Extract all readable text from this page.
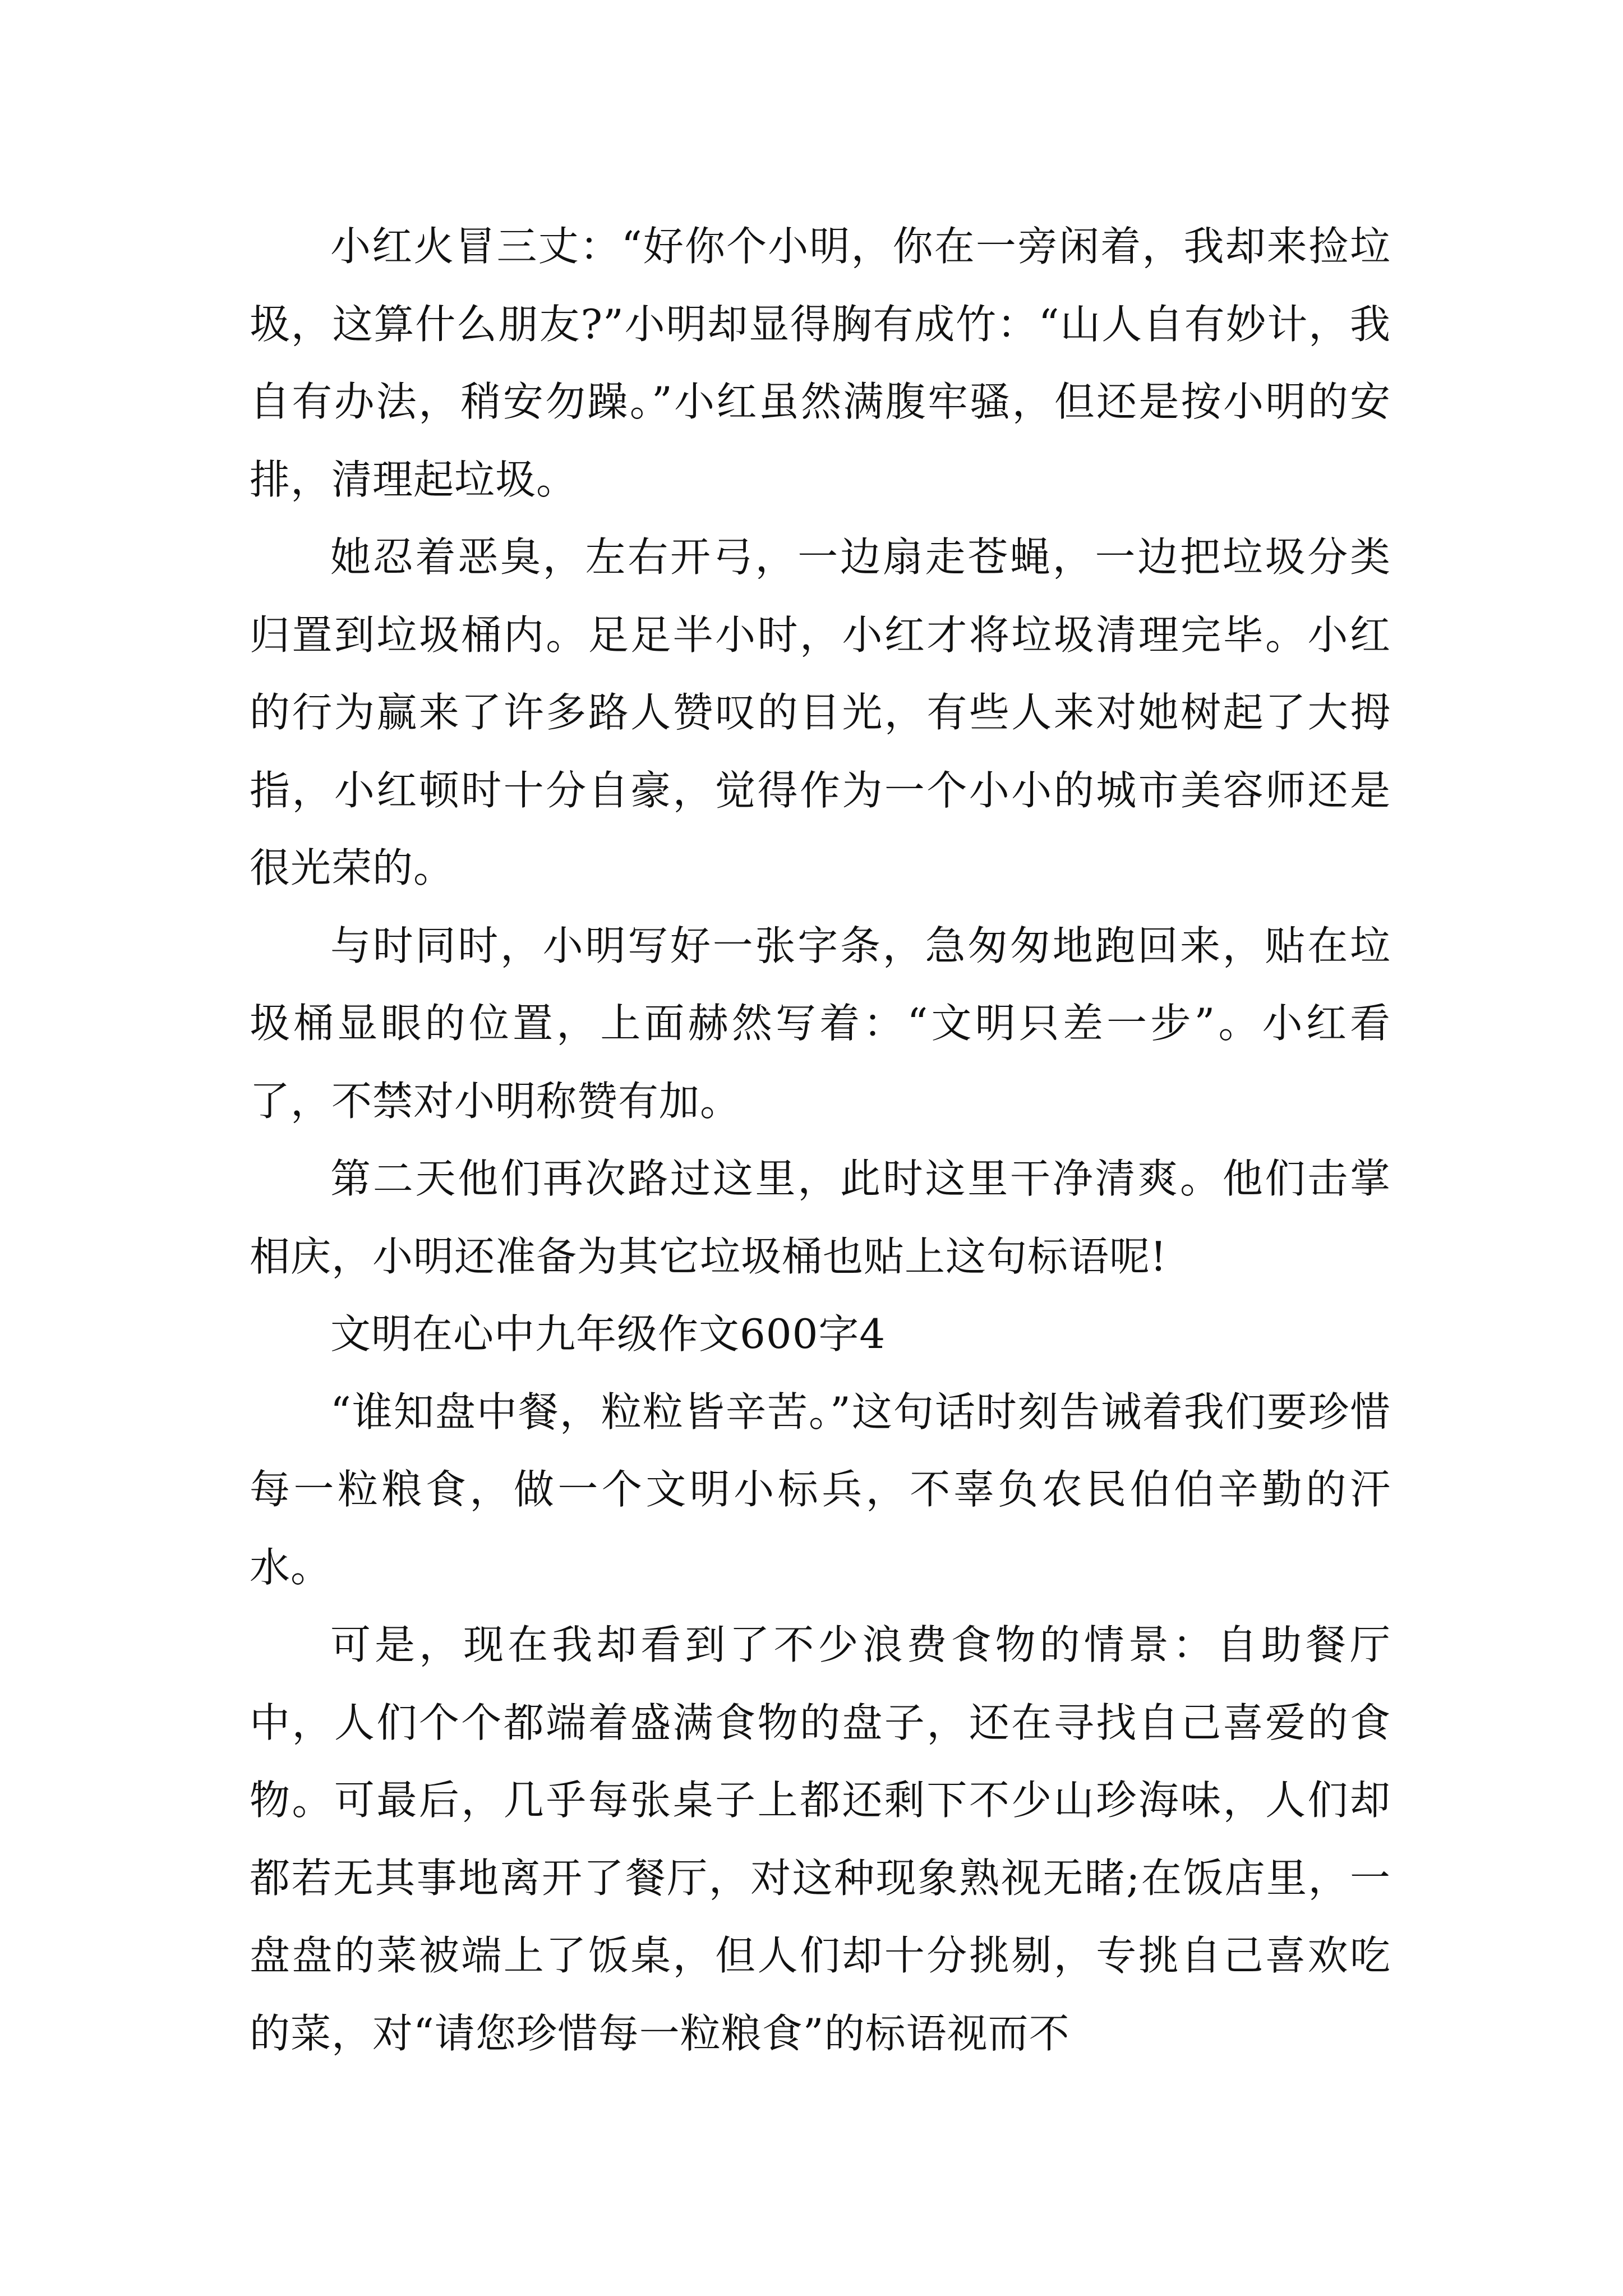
小红火冒三丈：“好你个小明，你在一旁闲着，我却来捡垃圾，这算什么朋友?”小明却显得胸有成竹：“山人自有妙计，我自有办法，稍安勿躁。”小红虽然满腹牢骚，但还是按小明的安排，清理起垃圾。

她忍着恶臭，左右开弓，一边扇走苍蝇，一边把垃圾分类归置到垃圾桶内。足足半小时，小红才将垃圾清理完毕。小红的行为赢来了许多路人赞叹的目光，有些人来对她树起了大拇指，小红顿时十分自豪，觉得作为一个小小的城市美容师还是很光荣的。

与时同时，小明写好一张字条，急匆匆地跑回来，贴在垃圾桶显眼的位置，上面赫然写着：“文明只差一步”。小红看了，不禁对小明称赞有加。

第二天他们再次路过这里，此时这里干净清爽。他们击掌相庆，小明还准备为其它垃圾桶也贴上这句标语呢!

文明在心中九年级作文600字4

“谁知盘中餐，粒粒皆辛苦。”这句话时刻告诫着我们要珍惜每一粒粮食，做一个文明小标兵，不辜负农民伯伯辛勤的汗水。

可是，现在我却看到了不少浪费食物的情景：自助餐厅中，人们个个都端着盛满食物的盘子，还在寻找自己喜爱的食物。可最后，几乎每张桌子上都还剩下不少山珍海味，人们却都若无其事地离开了餐厅，对这种现象熟视无睹;在饭店里，一盘盘的菜被端上了饭桌，但人们却十分挑剔，专挑自己喜欢吃的菜，对“请您珍惜每一粒粮食”的标语视而不
